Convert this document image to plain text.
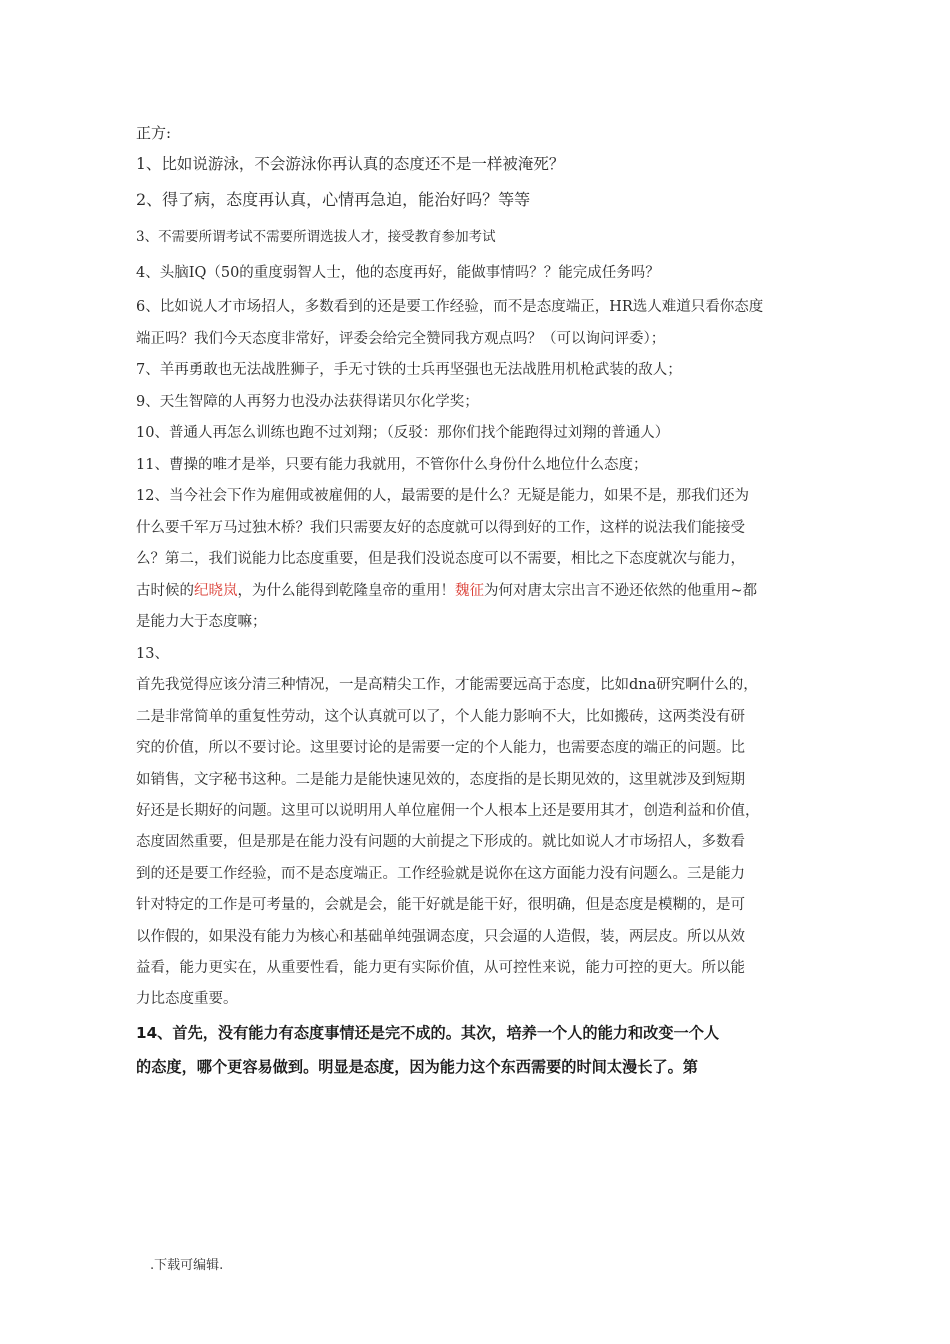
正方:
1、比如说游泳，不会游泳你再认真的态度还不是一样被淹死？
2、得了病，态度再认真，心情再急迫，能治好吗？等等
3、不需要所谓考试不需要所谓选拔人才，接受教育参加考试
4、头脑IQ（50的重度弱智人士，他的态度再好，能做事情吗？？能完成任务吗？
6、比如说人才市场招人，多数看到的还是要工作经验，而不是态度端正，HR选人难道只看你态度
端正吗？我们今天态度非常好，评委会给完全赞同我方观点吗？（可以询问评委）；
7、羊再勇敢也无法战胜狮子，手无寸铁的士兵再坚强也无法战胜用机枪武装的敌人；
9、天生智障的人再努力也没办法获得诺贝尔化学奖；
10、普通人再怎么训练也跑不过刘翔；（反驳：那你们找个能跑得过刘翔的普通人）
11、曹操的唯才是举，只要有能力我就用，不管你什么身份什么地位什么态度；
12、当今社会下作为雇佣或被雇佣的人，最需要的是什么？无疑是能力，如果不是，那我们还为
什么要千军万马过独木桥？我们只需要友好的态度就可以得到好的工作，这样的说法我们能接受
么？第二，我们说能力比态度重要，但是我们没说态度可以不需要，相比之下态度就次与能力，
古时候的纪晓岚，为什么能得到乾隆皇帝的重用！魏征为何对唐太宗出言不逊还依然的他重用~都
是能力大于态度嘛；
13、
首先我觉得应该分清三种情况，一是高精尖工作，才能需要远高于态度，比如dna研究啊什么的，
二是非常简单的重复性劳动，这个认真就可以了，个人能力影响不大，比如搬砖，这两类没有研
究的价值，所以不要讨论。这里要讨论的是需要一定的个人能力，也需要态度的端正的问题。比
如销售，文字秘书这种。二是能力是能快速见效的，态度指的是长期见效的，这里就涉及到短期
好还是长期好的问题。这里可以说明用人单位雇佣一个人根本上还是要用其才，创造利益和价值，
态度固然重要，但是那是在能力没有问题的大前提之下形成的。就比如说人才市场招人，多数看
到的还是要工作经验，而不是态度端正。工作经验就是说你在这方面能力没有问题么。三是能力
针对特定的工作是可考量的，会就是会，能干好就是能干好，很明确，但是态度是模糊的，是可
以作假的，如果没有能力为核心和基础单纯强调态度，只会逼的人造假，装，两层皮。所以从效
益看，能力更实在，从重要性看，能力更有实际价值，从可控性来说，能力可控的更大。所以能
力比态度重要。
14、首先，没有能力有态度事情还是完不成的。其次，培养一个人的能力和改变一个人
的态度，哪个更容易做到。明显是态度，因为能力这个东西需要的时间太漫长了。第
.下载可编辑.
